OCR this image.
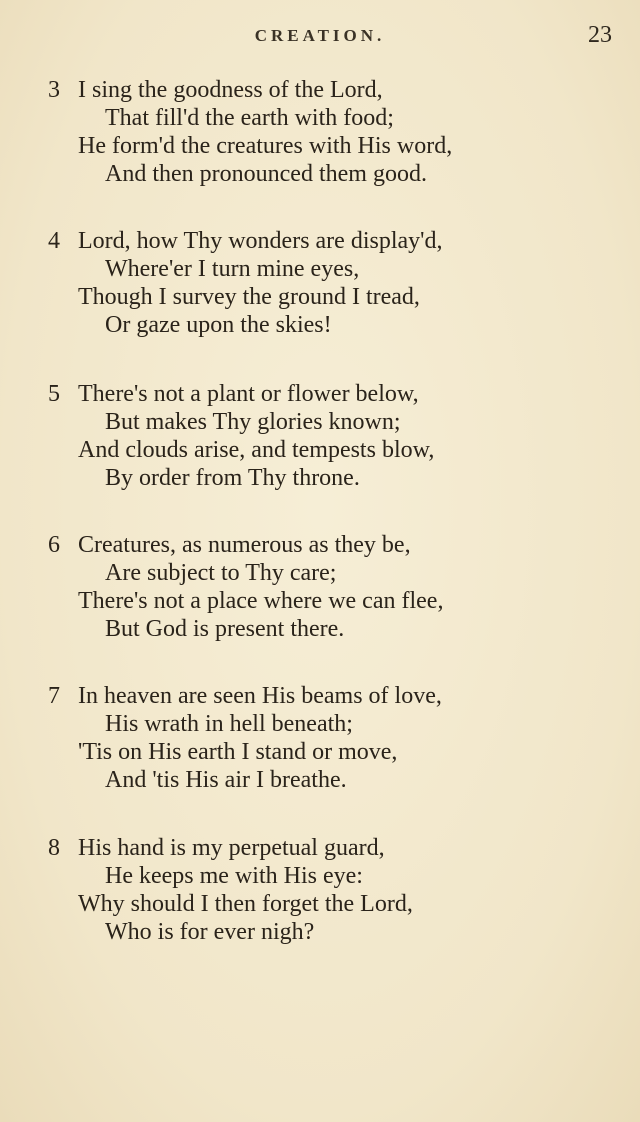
CREATION.	23
3 I sing the goodness of the Lord,
That fill'd the earth with food;
He form'd the creatures with His word,
And then pronounced them good.
4 Lord, how Thy wonders are display'd,
Where'er I turn mine eyes,
Though I survey the ground I tread,
Or gaze upon the skies!
5 There's not a plant or flower below,
But makes Thy glories known;
And clouds arise, and tempests blow,
By order from Thy throne.
6 Creatures, as numerous as they be,
Are subject to Thy care;
There's not a place where we can flee,
But God is present there.
7 In heaven are seen His beams of love,
His wrath in hell beneath;
'Tis on His earth I stand or move,
And 'tis His air I breathe.
8 His hand is my perpetual guard,
He keeps me with His eye:
Why should I then forget the Lord,
Who is for ever nigh?
